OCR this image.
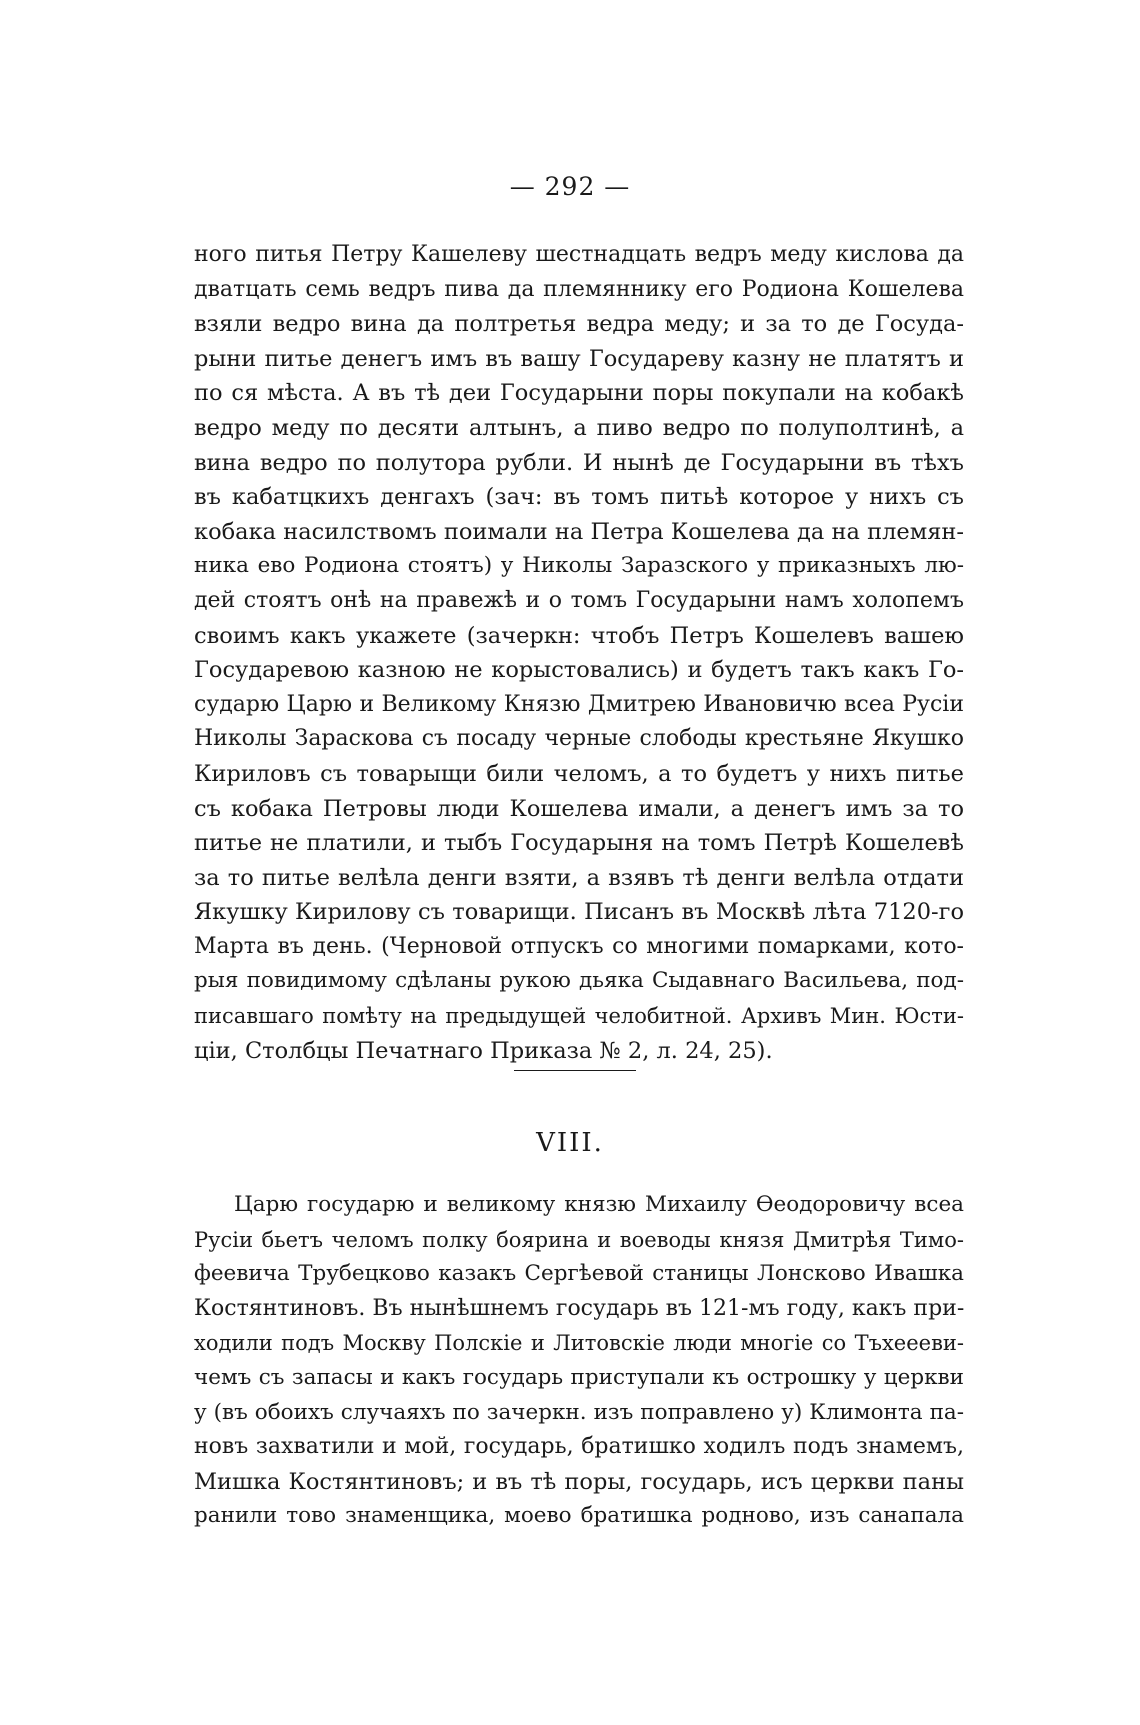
— 292 —
ного питья Петру Кашелеву шестнадцать ведръ меду кислова да
дватцать семь ведръ пива да племяннику его Родиона Кошелева
взяли ведро вина да полтретья ведра меду; и за то де Госуда-
рыни питье денегъ имъ въ вашу Государеву казну не платятъ и
по ся мѣста. А въ тѣ деи Государыни поры покупали на кобакѣ
ведро меду по десяти алтынъ, а пиво ведро по полуполтинѣ, а
вина ведро по полутора рубли. И нынѣ де Государыни въ тѣхъ
въ кабатцкихъ денгахъ (зач: въ томъ питьѣ которое у нихъ съ
кобака насилствомъ поимали на Петра Кошелева да на племян-
ника ево Родиона стоятъ) у Николы Заразского у приказныхъ лю-
дей стоятъ онѣ на правежѣ и о томъ Государыни намъ холопемъ
своимъ какъ укажете (зачеркн: чтобъ Петръ Кошелевъ вашею
Государевою казною не корыстовались) и будетъ такъ какъ Го-
сударю Царю и Великому Князю Дмитрею Ивановичю всеа Русіи
Николы Зараскова съ посаду черные слободы крестьяне Якушко
Кириловъ съ товарыщи били челомъ, а то будетъ у нихъ питье
съ кобака Петровы люди Кошелева имали, а денегъ имъ за то
питье не платили, и тыбъ Государыня на томъ Петрѣ Кошелевѣ
за то питье велѣла денги взяти, а взявъ тѣ денги велѣла отдати
Якушку Кирилову съ товарищи. Писанъ въ Москвѣ лѣта 7120-го
Марта въ день. (Черновой отпускъ со многими помарками, кото-
рыя повидимому сдѣланы рукою дьяка Сыдавнаго Васильева, под-
писавшаго помѣту на предыдущей челобитной. Архивъ Мин. Юсти-
ціи, Столбцы Печатнаго Приказа № 2, л. 24, 25).
VIII.
Царю государю и великому князю Михаилу Ѳеодоровичу всеа
Русіи бьетъ челомъ полку боярина и воеводы князя Дмитрѣя Тимо-
феевича Трубецково казакъ Сергѣевой станицы Лонсково Ивашка
Костянтиновъ. Въ нынѣшнемъ государь въ 121-мъ году, какъ при-
ходили подъ Москву Полскіе и Литовскіе люди многіе со Тъхеееви-
чемъ съ запасы и какъ государь приступали къ острошку у церкви
у (въ обоихъ случаяхъ по зачеркн. изъ поправлено у) Климонта па-
новъ захватили и мой, государь, братишко ходилъ подъ знамемъ,
Мишка Костянтиновъ; и въ тѣ поры, государь, исъ церкви паны
ранили тово знаменщика, моево братишка родново, изъ санапала
